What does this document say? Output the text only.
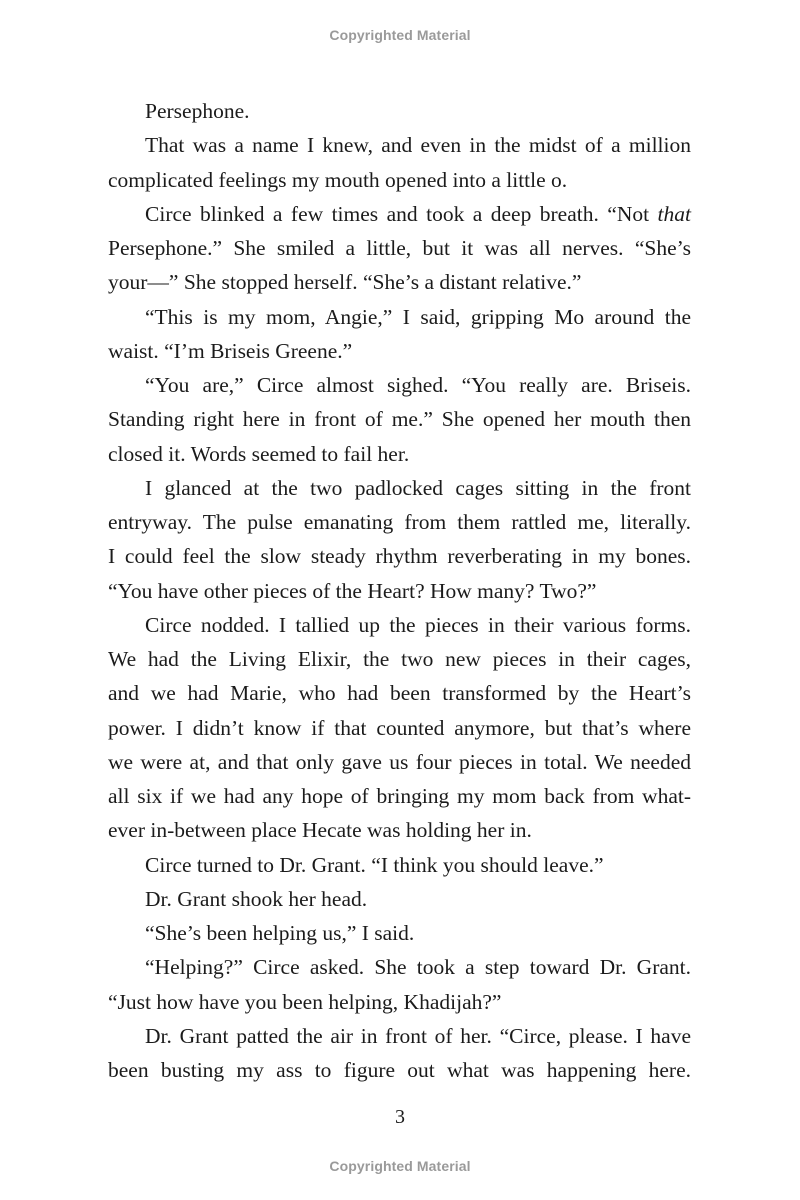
Copyrighted Material
Persephone.
That was a name I knew, and even in the midst of a million
complicated feelings my mouth opened into a little o.
Circe blinked a few times and took a deep breath. “Not that
Persephone.” She smiled a little, but it was all nerves. “She’s
your—” She stopped herself. “She’s a distant relative.”
“This is my mom, Angie,” I said, gripping Mo around the
waist. “I’m Briseis Greene.”
“You are,” Circe almost sighed. “You really are. Briseis.
Standing right here in front of me.” She opened her mouth then
closed it. Words seemed to fail her.
I glanced at the two padlocked cages sitting in the front
entryway. The pulse emanating from them rattled me, literally.
I could feel the slow steady rhythm reverberating in my bones.
“You have other pieces of the Heart? How many? Two?”
Circe nodded. I tallied up the pieces in their various forms.
We had the Living Elixir, the two new pieces in their cages,
and we had Marie, who had been transformed by the Heart’s
power. I didn’t know if that counted anymore, but that’s where
we were at, and that only gave us four pieces in total. We needed
all six if we had any hope of bringing my mom back from what-
ever in-between place Hecate was holding her in.
Circe turned to Dr. Grant. “I think you should leave.”
Dr. Grant shook her head.
“She’s been helping us,” I said.
“Helping?” Circe asked. She took a step toward Dr. Grant.
“Just how have you been helping, Khadijah?”
Dr. Grant patted the air in front of her. “Circe, please. I have
been busting my ass to figure out what was happening here.
3
Copyrighted Material
